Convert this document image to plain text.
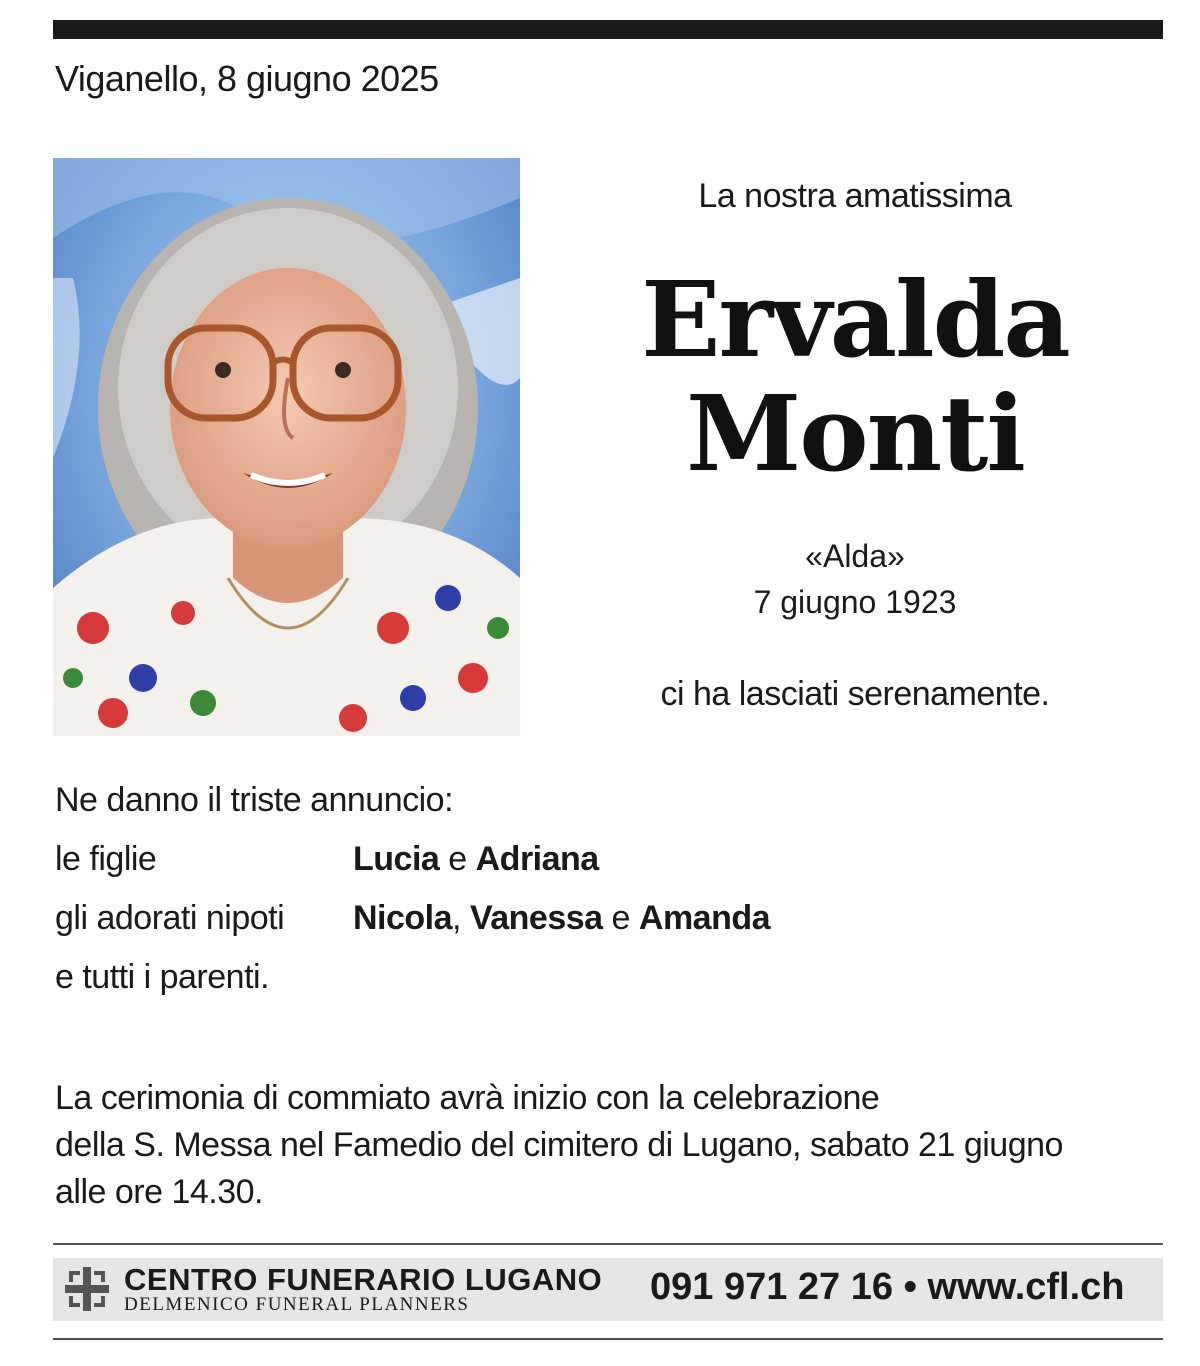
Viganello, 8 giugno 2025
La nostra amatissima
Ervalda
Monti
«Alda»
7 giugno 1923
ci ha lasciati serenamente.
Ne danno il triste annuncio:
le figlie	Lucia e Adriana
gli adorati nipoti Nicola, Vanessa e Amanda
e tutti i parenti.
La cerimonia di commiato avrà inizio con la celebrazione
della S. Messa nel Famedio del cimitero di Lugano, sabato 21 giugno
alle ore 14.30.
CENTRO FUNERARIO LUGANO
DELMENICO FUNERAL PLANNERS	091 971 27 16 • www.cfl.ch
